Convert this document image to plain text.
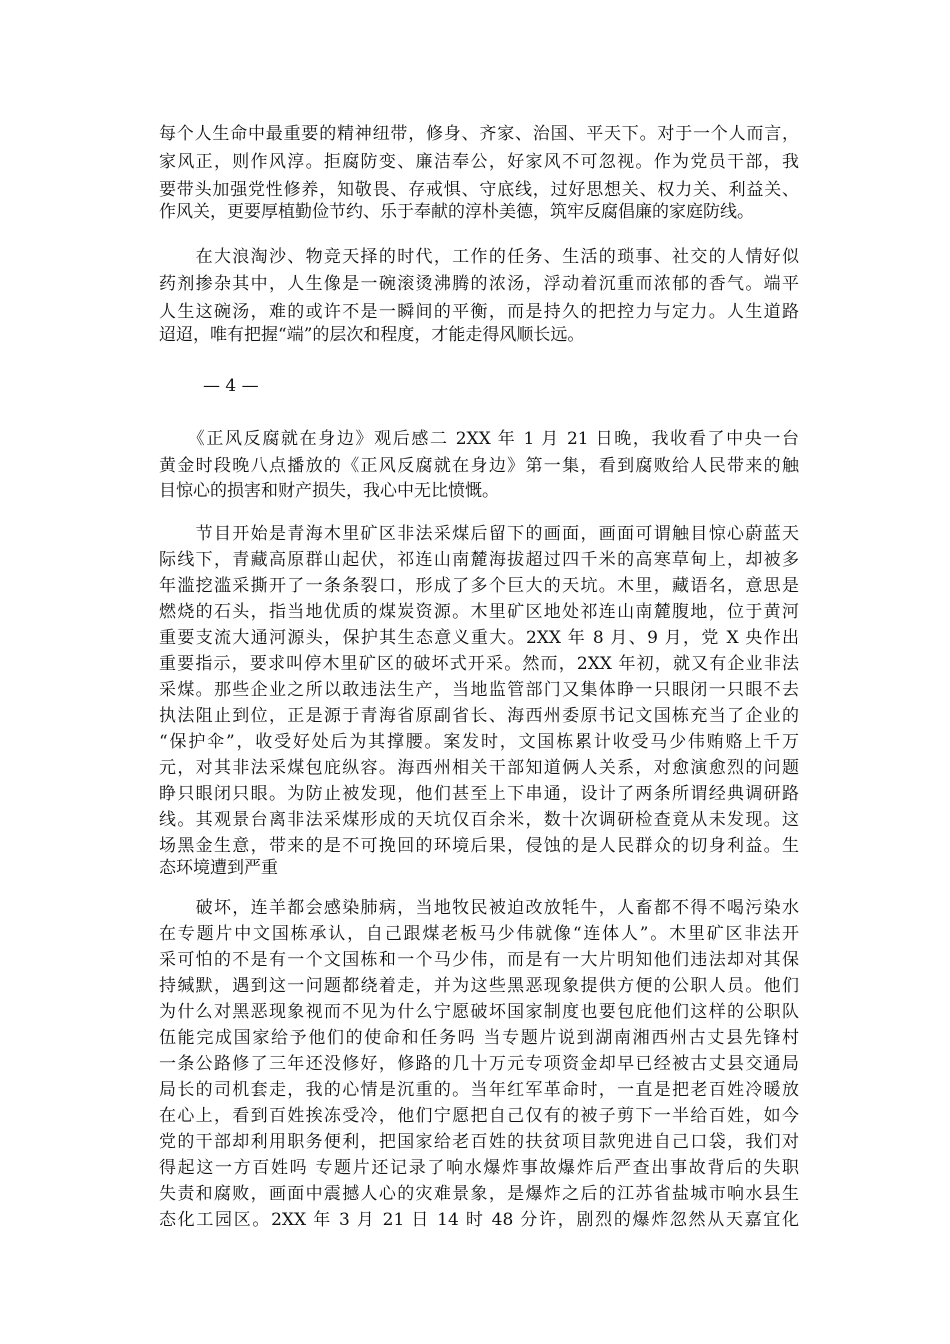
每个人生命中最重要的精神纽带，修身、齐家、治国、平天下。对于一个人而言，
家风正，则作风淳。拒腐防变、廉洁奉公，好家风不可忽视。作为党员干部，我
要带头加强党性修养，知敬畏、存戒惧、守底线，过好思想关、权力关、利益关、
作风关，更要厚植勤俭节约、乐于奉献的淳朴美德，筑牢反腐倡廉的家庭防线。
　　在大浪淘沙、物竞天择的时代，工作的任务、生活的琐事、社交的人情好似
药剂掺杂其中，人生像是一碗滚烫沸腾的浓汤，浮动着沉重而浓郁的香气。端平
人生这碗汤，难的或许不是一瞬间的平衡，而是持久的把控力与定力。人生道路
迢迢，唯有把握“端”的层次和程度，才能走得风顺长远。
— 4 —
　　《正风反腐就在身边》观后感二 2XX 年 1 月 21 日晚，我收看了中央一台
黄金时段晚八点播放的《正风反腐就在身边》第一集，看到腐败给人民带来的触
目惊心的损害和财产损失，我心中无比愤慨。
　　节目开始是青海木里矿区非法采煤后留下的画面，画面可谓触目惊心蔚蓝天
际线下，青藏高原群山起伏，祁连山南麓海拔超过四千米的高寒草甸上，却被多
年滥挖滥采撕开了一条条裂口，形成了多个巨大的天坑。木里，藏语名，意思是
燃烧的石头，指当地优质的煤炭资源。木里矿区地处祁连山南麓腹地，位于黄河
重要支流大通河源头，保护其生态意义重大。2XX 年 8 月、9 月，党 X 央作出
重要指示，要求叫停木里矿区的破坏式开采。然而，2XX 年初，就又有企业非法
采煤。那些企业之所以敢违法生产，当地监管部门又集体睁一只眼闭一只眼不去
执法阻止到位，正是源于青海省原副省长、海西州委原书记文国栋充当了企业的
“保护伞”，收受好处后为其撑腰。案发时，文国栋累计收受马少伟贿赂上千万
元，对其非法采煤包庇纵容。海西州相关干部知道俩人关系，对愈演愈烈的问题
睁只眼闭只眼。为防止被发现，他们甚至上下串通，设计了两条所谓经典调研路
线。其观景台离非法采煤形成的天坑仅百余米，数十次调研检查竟从未发现。这
场黑金生意，带来的是不可挽回的环境后果，侵蚀的是人民群众的切身利益。生
态环境遭到严重
　　破坏，连羊都会感染肺病，当地牧民被迫改放牦牛，人畜都不得不喝污染水
在专题片中文国栋承认，自己跟煤老板马少伟就像“连体人”。木里矿区非法开
采可怕的不是有一个文国栋和一个马少伟，而是有一大片明知他们违法却对其保
持缄默，遇到这一问题都绕着走，并为这些黑恶现象提供方便的公职人员。他们
为什么对黑恶现象视而不见为什么宁愿破坏国家制度也要包庇他们这样的公职队
伍能完成国家给予他们的使命和任务吗 当专题片说到湖南湘西州古丈县先锋村
一条公路修了三年还没修好，修路的几十万元专项资金却早已经被古丈县交通局
局长的司机套走，我的心情是沉重的。当年红军革命时，一直是把老百姓冷暖放
在心上，看到百姓挨冻受冷，他们宁愿把自己仅有的被子剪下一半给百姓，如今
党的干部却利用职务便利，把国家给老百姓的扶贫项目款兜进自己口袋，我们对
得起这一方百姓吗 专题片还记录了响水爆炸事故爆炸后严查出事故背后的失职
失责和腐败，画面中震撼人心的灾难景象，是爆炸之后的江苏省盐城市响水县生
态化工园区。2XX 年 3 月 21 日 14 时 48 分许，剧烈的爆炸忽然从天嘉宜化
